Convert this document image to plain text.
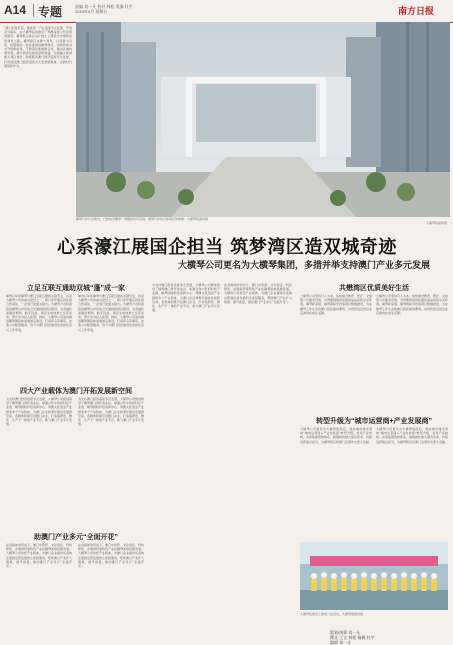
A14 专题	责编 刘一凡 校对 林松 美编 杜宇
2019年5月 星期五	南方日报
“澳门起首打造，推进第一产业适度多元发展，开放对外联系，由大横琴投资推动了琴澳深度合作区规划建设，横琴联合体在这片热土上探索出中国特色的建设之路。横琴新区挂牌十周年，以创新为引领，按照国际一流标准推进横琴建设，加快形成对外开放新格局，不断深化粤港澳合作，推动区域协调发展，提升经济发展质量和效益，全面融入粤港澳大湾区建设，积极服务澳门经济适度多元发展，打造促进澳门经济适度多元发展新载体，在新时代展现新作为。
横琴口岸片区建设，已经成为横琴一道靓丽的风景线。横琴口岸综合体项目效果图。大横琴集团供图
大横琴集团供图
心系濠江展国企担当 筑梦湾区造双城奇迹
大横琴公司更名为大横琴集团，多措并举支持澳门产业多元发展
立足互联互通助双城“蓬”成一家
横琴口岸是横琴与澳门互联互通的关键节点，也是大横琴公司的重点项目之一，新口岸开通后将实现合作查验、一次放行的通关模式。大横琴公司积极推进横琴口岸及综合交通枢纽项目建设，为双城往来提供便利。截至目前，项目主体结构已全部完成，预计年内投入使用。同时，大横琴公司加快推进横琴国际休闲旅游岛建设，打造环岛景观带，完善公共配套服务，努力为澳门居民提供优质的生活与工作环境。
横琴口岸是横琴与澳门互联互通的关键节点，也是大横琴公司的重点项目之一，新口岸开通后将实现合作查验、一次放行的通关模式。大横琴公司积极推进横琴口岸及综合交通枢纽项目建设，为双城往来提供便利。截至目前，项目主体结构已全部完成，预计年内投入使用。同时，大横琴公司加快推进横琴国际休闲旅游岛建设，打造环岛景观带，完善公共配套服务，努力为澳门居民提供优质的生活与工作环境。
四大产业载体为澳门开拓发展新空间
为支持澳门经济适度多元发展，大横琴公司规划建设了横琴澳门青年创业谷、粤澳合作中医药科技产业园、横琴国际科技创新中心、琴澳文化创意产业园等多个产业载体，为澳门企业和青年提供发展新空间。各载体积极引进澳门企业，打造集研发、孵化、生产于一体的产业平台，助力澳门产业多元发展。
为支持澳门经济适度多元发展，大横琴公司规划建设了横琴澳门青年创业谷、粤澳合作中医药科技产业园、横琴国际科技创新中心、琴澳文化创意产业园等多个产业载体，为澳门企业和青年提供发展新空间。各载体积极引进澳门企业，打造集研发、孵化、生产于一体的产业平台，助力澳门产业多元发展。
助澳门产业多元“全面开花”
在各载体的带动下，澳门中医药、文化创意、科技研发、会展商贸等特色产业在横琴加快集聚发展。大横琴公司依托产业载体，为澳门企业提供从落地注册到运营发展的全流程服务，帮助澳门产业扩大规模、提升质量，推动澳门产业多元“全面开花”。
在各载体的带动下，澳门中医药、文化创意、科技研发、会展商贸等特色产业在横琴加快集聚发展。大横琴公司依托产业载体，为澳门企业提供从落地注册到运营发展的全流程服务，帮助澳门产业扩大规模、提升质量，推动澳门产业多元“全面开花”。
为支持澳门经济适度多元发展，大横琴公司规划建设了横琴澳门青年创业谷、粤澳合作中医药科技产业园、横琴国际科技创新中心、琴澳文化创意产业园等多个产业载体，为澳门企业和青年提供发展新空间。各载体积极引进澳门企业，打造集研发、孵化、生产于一体的产业平台，助力澳门产业多元发展。
在各载体的带动下，澳门中医药、文化创意、科技研发、会展商贸等特色产业在横琴加快集聚发展。大横琴公司依托产业载体，为澳门企业提供从落地注册到运营发展的全流程服务，帮助澳门产业扩大规模、提升质量，推动澳门产业多元“全面开花”。
共懋湾区优质美好生活
大横琴公司坚持以人为本，加快建设教育、医疗、文体等公共服务设施，为琴澳两地居民提供高品质的生活环境。横琴新家园、横琴国际学校等项目相继推进，为在横琴工作生活的澳门居民提供便利，共同营造宜居宜业宜游的优质生活圈。
大横琴公司坚持以人为本，加快建设教育、医疗、文体等公共服务设施，为琴澳两地居民提供高品质的生活环境。横琴新家园、横琴国际学校等项目相继推进，为在横琴工作生活的澳门居民提供便利，共同营造宜居宜业宜游的优质生活圈。
转型升级为“城市运营商+产业发展商”
大横琴公司更名为大横琴集团后，将由城市建设者向“城市运营商+产业发展商”转型升级，优化产业结构，完善集团管控体系，做强做优做大国有资本，持续发挥国企担当，为横琴新区和澳门发展作出更大贡献。
大横琴公司更名为大横琴集团后，将由城市建设者向“城市运营商+产业发展商”转型升级，优化产业结构，完善集团管控体系，做强做优做大国有资本，持续发挥国企担当，为横琴新区和澳门发展作出更大贡献。
大横琴集团员工参加公益活动。大横琴集团供图
策划/统筹 刘一凡
撰文 王文 林松 杨柳 杜宇
编辑 刘一凡
